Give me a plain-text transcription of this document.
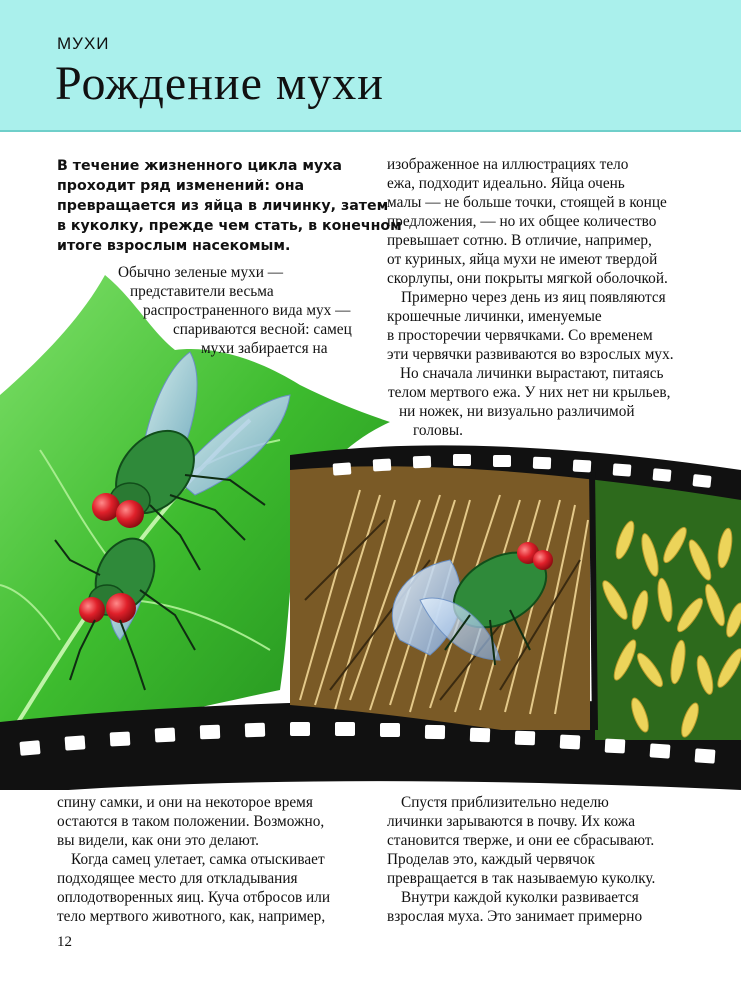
МУХИ
Рождение мухи

В течение жизненного цикла муха
проходит ряд изменений: она
превращается из яйца в личинку, затем
в куколку, прежде чем стать, в конечном
итоге взрослым насекомым.

Обычно зеленые мухи —
представители весьма
распространенного вида мух —
спариваются весной: самец
мухи забирается на

изображенное на иллюстрациях тело
ежа, подходит идеально. Яйца очень
малы — не больше точки, стоящей в конце
предложения, — но их общее количество
превышает сотню. В отличие, например,
от куриных, яйца мухи не имеют твердой
скорлупы, они покрыты мягкой оболочкой.

Примерно через день из яиц появляются
крошечные личинки, именуемые
в просторечии червячками. Со временем
эти червячки развиваются во взрослых мух.

Но сначала личинки вырастают, питаясь
телом мертвого ежа. У них нет ни крыльев,
ни ножек, ни визуально различимой
головы.

спину самки, и они на некоторое время
остаются в таком положении. Возможно,
вы видели, как они это делают.

Когда самец улетает, самка отыскивает
подходящее место для откладывания
оплодотворенных яиц. Куча отбросов или
тело мертвого животного, как, например,

Спустя приблизительно неделю
личинки зарываются в почву. Их кожа
становится тверже, и они ее сбрасывают.
Проделав это, каждый червячок
превращается в так называемую куколку.

Внутри каждой куколки развивается
взрослая муха. Это занимает примерно

12
